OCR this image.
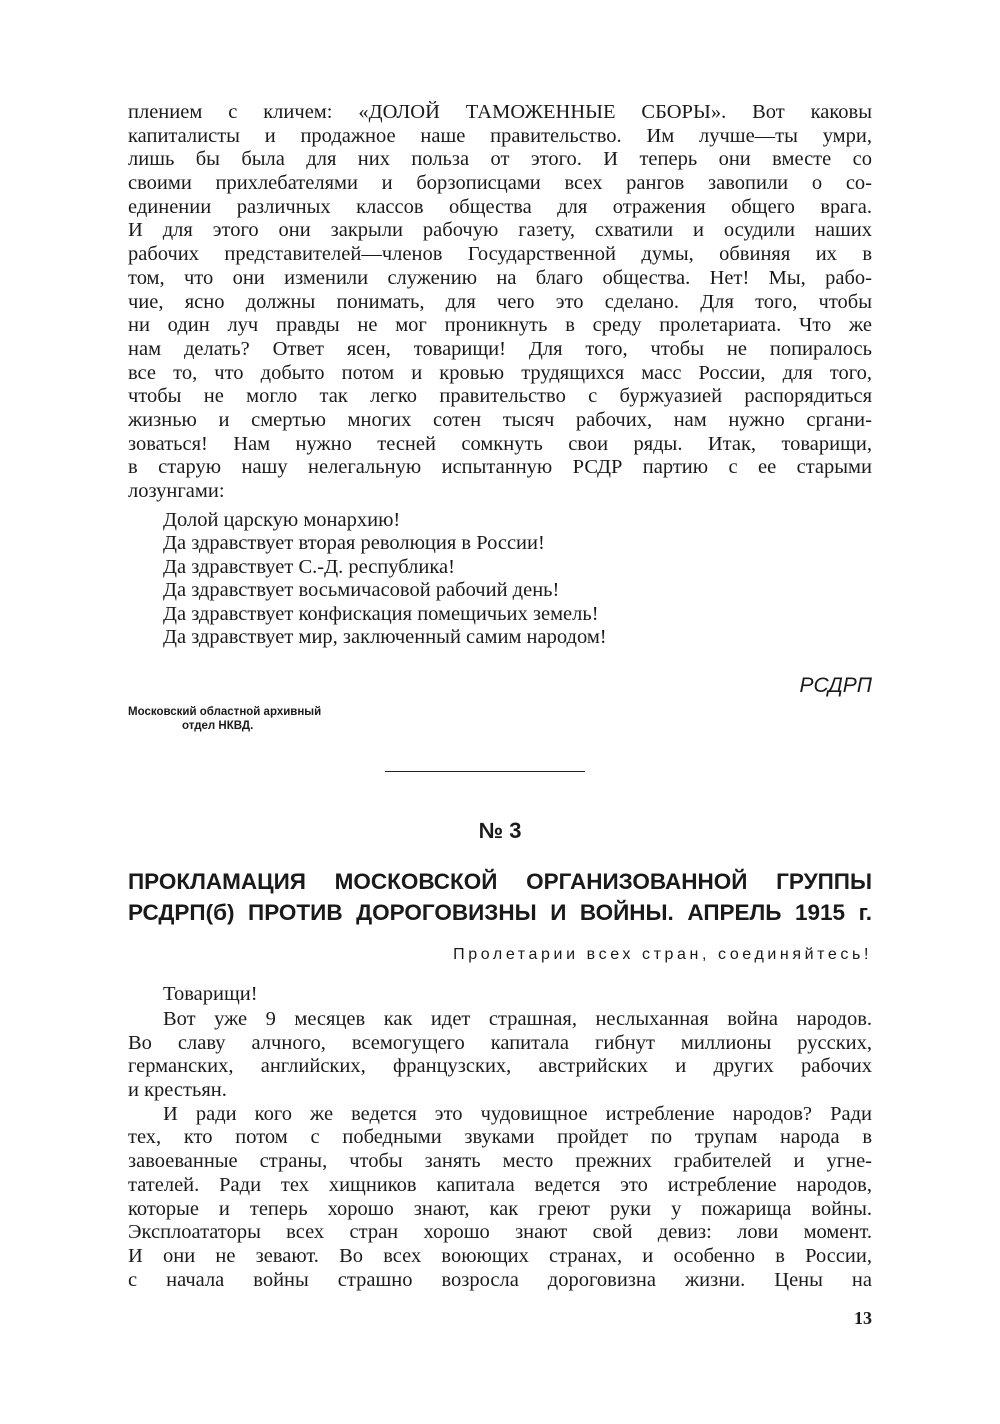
плением с кличем: «ДОЛОЙ ТАМОЖЕННЫЕ СБОРЫ». Вот каковы
капиталисты и продажное наше правительство. Им лучше—ты умри,
лишь бы была для них польза от этого. И теперь они вместе со
своими прихлебателями и борзописцами всех рангов завопили о со-
единении различных классов общества для отражения общего врага.
И для этого они закрыли рабочую газету, схватили и осудили наших
рабочих представителей—членов Государственной думы, обвиняя их в
том, что они изменили служению на благо общества. Нет! Мы, рабо-
чие, ясно должны понимать, для чего это сделано. Для того, чтобы
ни один луч правды не мог проникнуть в среду пролетариата. Что же
нам делать? Ответ ясен, товарищи! Для того, чтобы не попиралось
все то, что добыто потом и кровью трудящихся масс России, для того,
чтобы не могло так легко правительство с буржуазией распорядиться
жизнью и смертью многих сотен тысяч рабочих, нам нужно сргани-
зоваться! Нам нужно тесней сомкнуть свои ряды. Итак, товарищи,
в старую нашу нелегальную испытанную РСДР партию с ее старыми
лозунгами:
Долой царскую монархию!
Да здравствует вторая революция в России!
Да здравствует С.-Д. республика!
Да здравствует восьмичасовой рабочий день!
Да здравствует конфискация помещичьих земель!
Да здравствует мир, заключенный самим народом!
РСДРП
Московский областной архивный
отдел НКВД.
№ 3
ПРОКЛАМАЦИЯ МОСКОВСКОЙ ОРГАНИЗОВАННОЙ ГРУППЫ
РСДРП(б) ПРОТИВ ДОРОГОВИЗНЫ И ВОЙНЫ. АПРЕЛЬ 1915 г.
Пролетарии всех стран, соединяйтесь!
Товарищи!
Вот уже 9 месяцев как идет страшная, неслыханная война народов.
Во славу алчного, всемогущего капитала гибнут миллионы русских,
германских, английских, французских, австрийских и других рабочих
и крестьян.
И ради кого же ведется это чудовищное истребление народов? Ради
тех, кто потом с победными звуками пройдет по трупам народа в
завоеванные страны, чтобы занять место прежних грабителей и угне-
тателей. Ради тех хищников капитала ведется это истребление народов,
которые и теперь хорошо знают, как греют руки у пожарища войны.
Эксплоататоры всех стран хорошо знают свой девиз: лови момент.
И они не зевают. Во всех воюющих странах, и особенно в России,
с начала войны страшно возросла дороговизна жизни. Цены на
13
